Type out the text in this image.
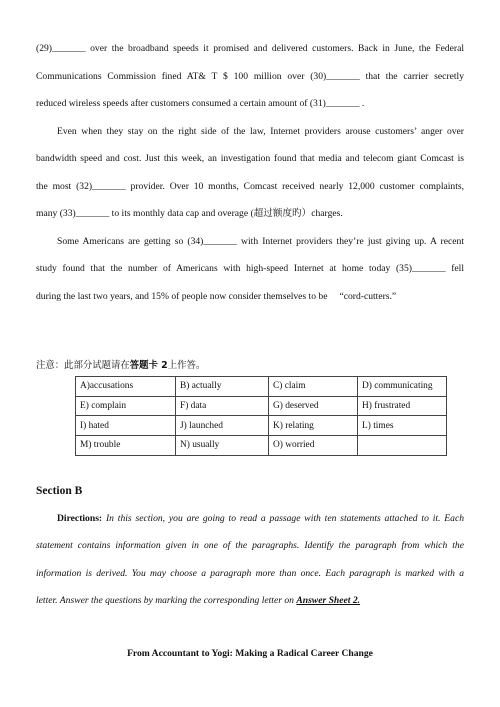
(29)_______ over the broadband speeds it promised and delivered customers. Back in June, the Federal
Communications Commission fined AT& T $ 100 million over (30)_______ that the carrier secretly
reduced wireless speeds after customers consumed a certain amount of (31)_______ .
Even when they stay on the right side of the law, Internet providers arouse customers’ anger over
bandwidth speed and cost. Just this week, an investigation found that media and telecom giant Comcast is
the most (32)_______ provider. Over 10 months, Comcast received nearly 12,000 customer complaints,
many (33)_______ to its monthly data cap and overage (超过额度旳）charges.
Some Americans are getting so (34)_______ with Internet providers they’re just giving up. A recent
study found that the number of Americans with high-speed Internet at home today (35)_______ fell
during the last two years, and 15% of people now consider themselves to be 　“cord-cutters.”
注意：此部分试题请在答题卡 2上作答。
A)accusations	B) actually	C) claim	D) communicating
E) complain	F) data	G) deserved	H) frustrated
I) hated	J) launched	K) relating	L) times
M) trouble	N) usually	O) worried	
Section B
Directions: In this section, you are going to read a passage with ten statements attached to it. Each
statement contains information given in one of the paragraphs. Identify the paragraph from which the
information is derived. You may choose a paragraph more than once. Each paragraph is marked with a
letter. Answer the questions by marking the corresponding letter on Answer Sheet 2.
From Accountant to Yogi: Making a Radical Career Change
